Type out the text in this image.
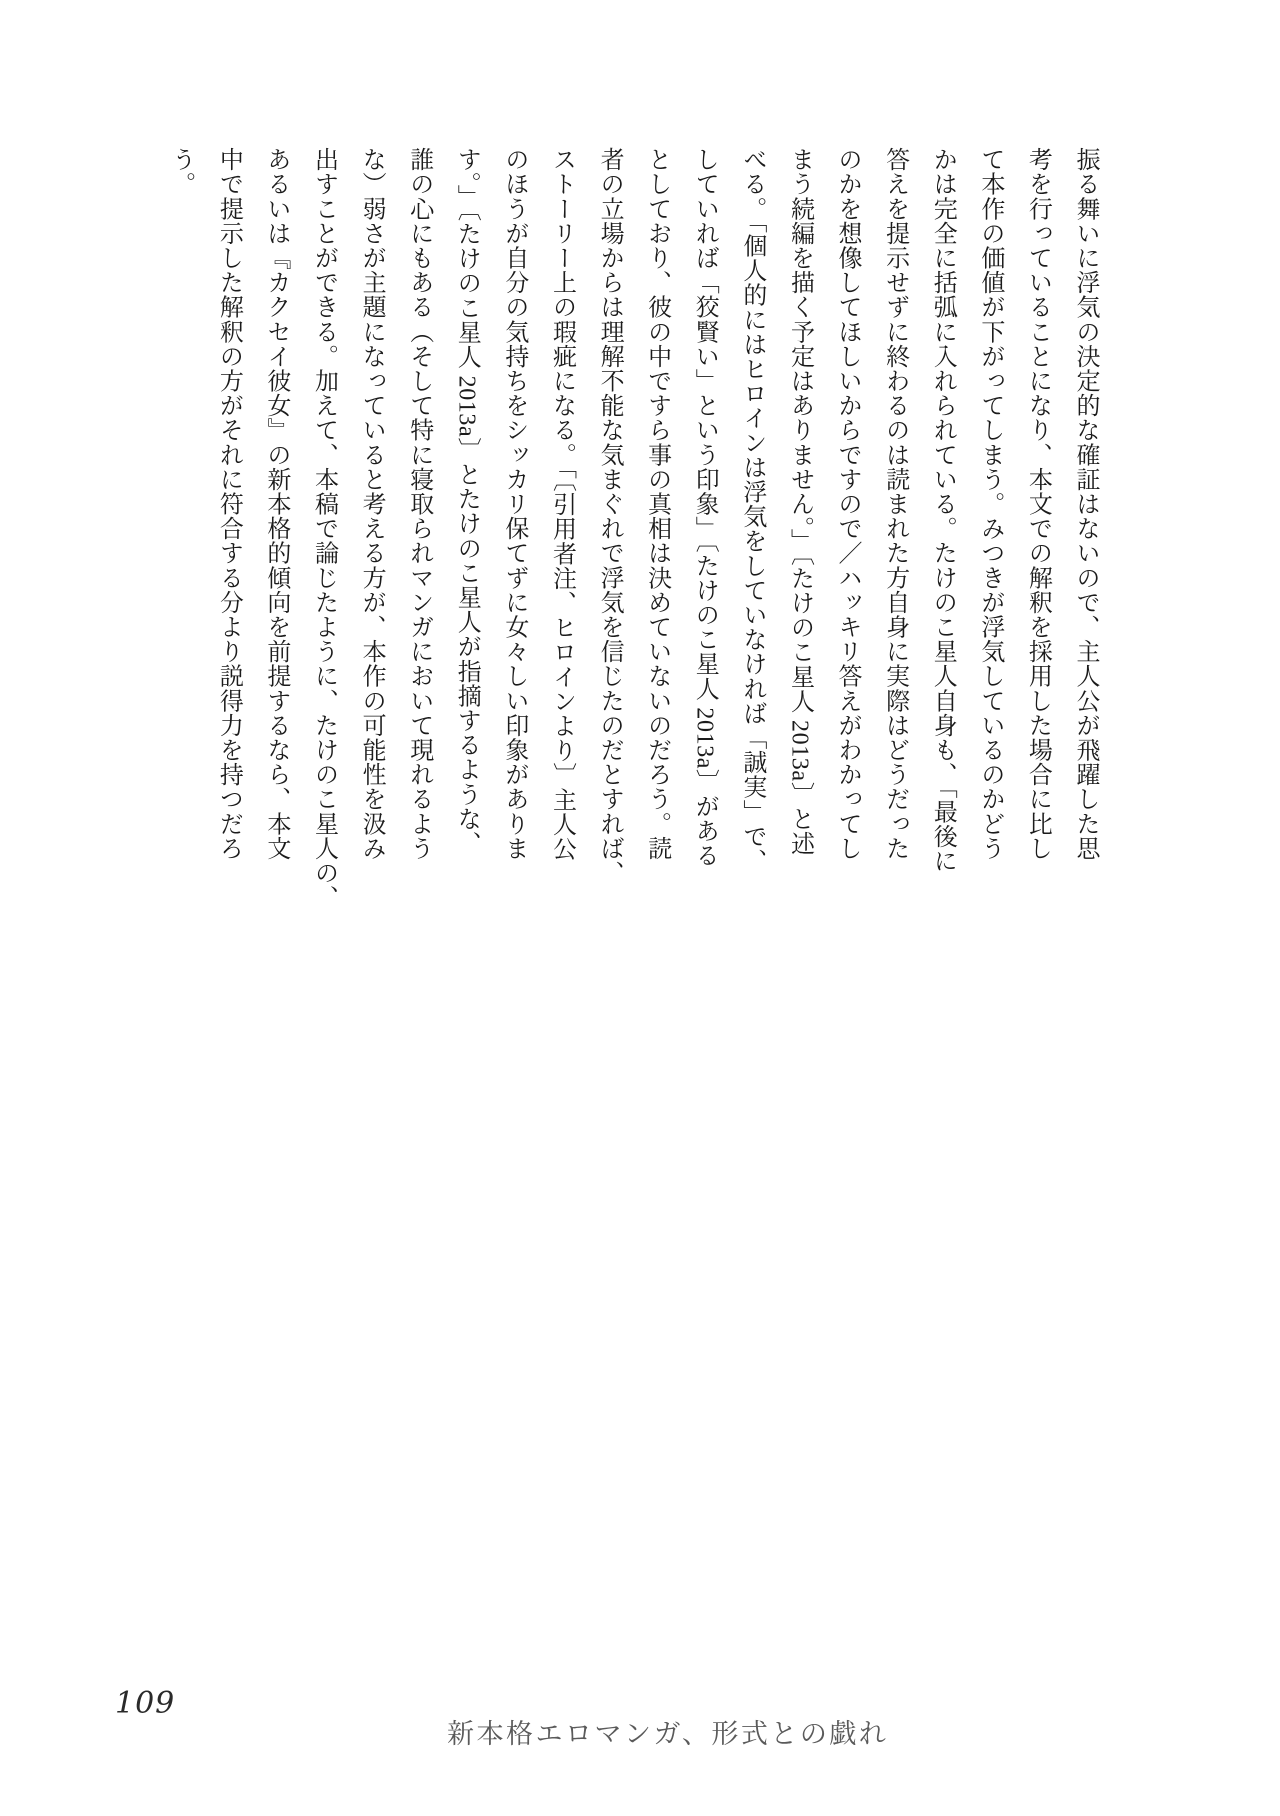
振る舞いに浮気の決定的な確証はないので、主人公が飛躍した思

考を行っていることになり、本文での解釈を採用した場合に比し

て本作の価値が下がってしまう。みつきが浮気しているのかどう

かは完全に括弧に入れられている。たけのこ星人自身も、「最後に

答えを提示せずに終わるのは読まれた方自身に実際はどうだった

のかを想像してほしいからですので／ハッキリ答えがわかってし

まう続編を描く予定はありません。」〔たけのこ星人 2013a〕と述

べる。「個人的にはヒロインは浮気をしていなければ「誠実」で、

していれば「狡賢い」という印象」〔たけのこ星人 2013a〕がある

としており、彼の中ですら事の真相は決めていないのだろう。読

者の立場からは理解不能な気まぐれで浮気を信じたのだとすれば、

ストーリー上の瑕疵になる。「〔引用者注、ヒロインより〕主人公

のほうが自分の気持ちをシッカリ保てずに女々しい印象がありま

す。」〔たけのこ星人 2013a〕とたけのこ星人が指摘するような、

誰の心にもある（そして特に寝取られマンガにおいて現れるよう

な）弱さが主題になっていると考える方が、本作の可能性を汲み

出すことができる。加えて、本稿で論じたように、たけのこ星人の、

あるいは『カクセイ彼女』の新本格的傾向を前提するなら、本文

中で提示した解釈の方がそれに符合する分より説得力を持つだろ

う。

109
新本格エロマンガ、形式との戯れ
